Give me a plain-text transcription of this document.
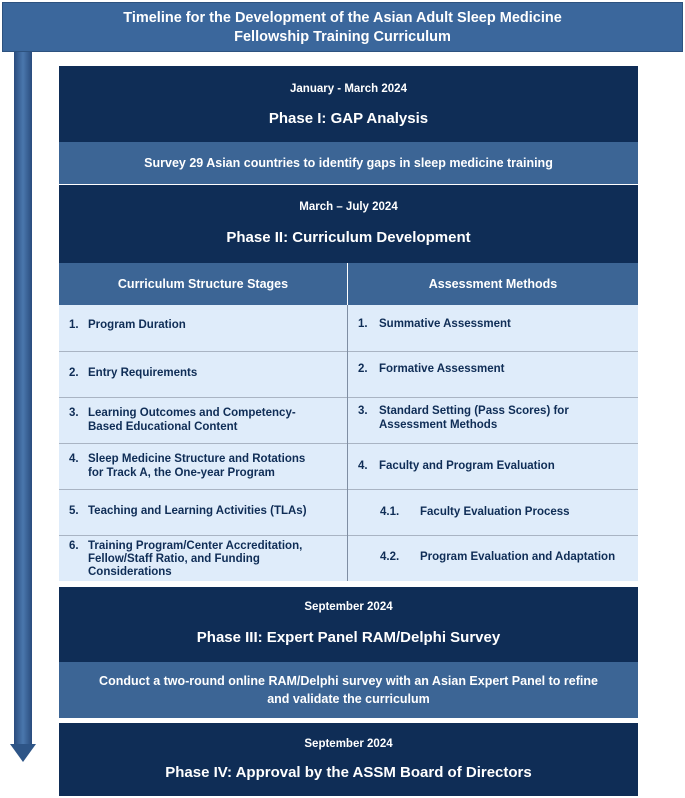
Timeline for the Development of the Asian Adult Sleep Medicine
Fellowship Training Curriculum
January - March 2024
Phase I: GAP Analysis
Survey 29 Asian countries to identify gaps in sleep medicine training
March – July 2024
Phase II: Curriculum Development
Curriculum Structure Stages	Assessment Methods
1. Program Duration
2. Entry Requirements
3. Learning Outcomes and Competency-
Based Educational Content
4. Sleep Medicine Structure and Rotations
for Track A, the One-year Program
5. Teaching and Learning Activities (TLAs)
6. Training Program/Center Accreditation,
Fellow/Staff Ratio, and Funding
Considerations
1. Summative Assessment
2. Formative Assessment
3. Standard Setting (Pass Scores) for
Assessment Methods
4. Faculty and Program Evaluation
4.1. Faculty Evaluation Process
4.2. Program Evaluation and Adaptation
September 2024
Phase III: Expert Panel RAM/Delphi Survey
Conduct a two-round online RAM/Delphi survey with an Asian Expert Panel to refine
and validate the curriculum
September 2024
Phase IV: Approval by the ASSM Board of Directors
